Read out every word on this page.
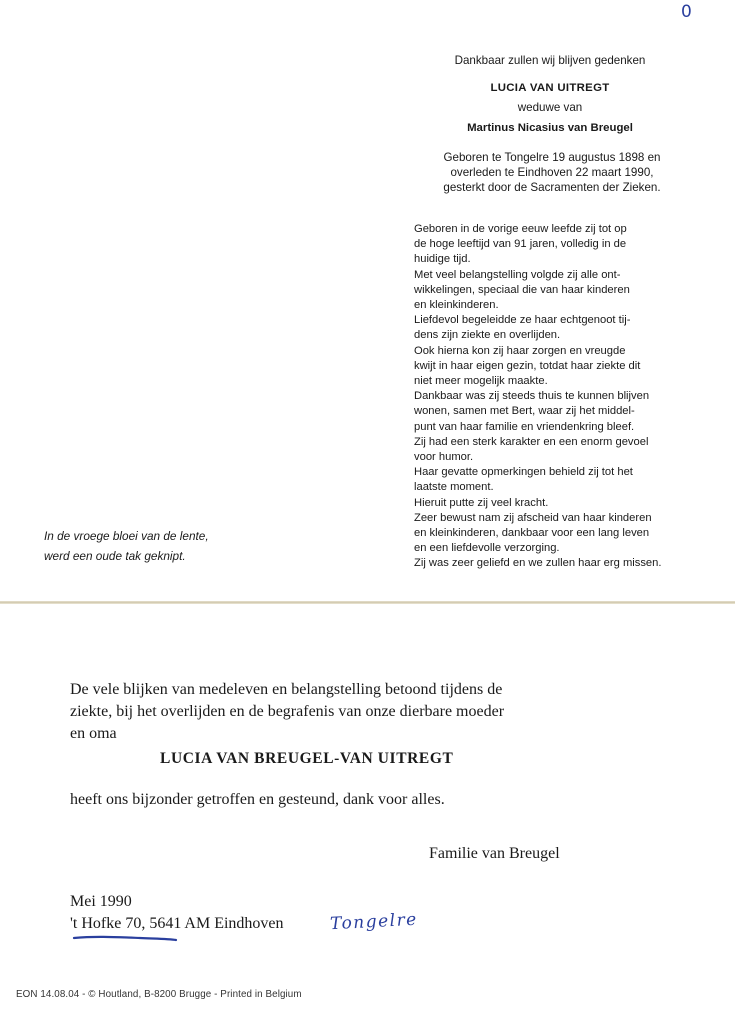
0
Dankbaar zullen wij blijven gedenken
LUCIA VAN UITREGT
weduwe van
Martinus Nicasius van Breugel
Geboren te Tongelre 19 augustus 1898 en
overleden te Eindhoven 22 maart 1990,
gesterkt door de Sacramenten der Zieken.

Geboren in de vorige eeuw leefde zij tot op

de hoge leeftijd van 91 jaren, volledig in de

huidige tijd.

Met veel belangstelling volgde zij alle ont-

wikkelingen, speciaal die van haar kinderen

en kleinkinderen.

Liefdevol begeleidde ze haar echtgenoot tij-

dens zijn ziekte en overlijden.

Ook hierna kon zij haar zorgen en vreugde

kwijt in haar eigen gezin, totdat haar ziekte dit

niet meer mogelijk maakte.

Dankbaar was zij steeds thuis te kunnen blijven

wonen, samen met Bert, waar zij het middel-

punt van haar familie en vriendenkring bleef.

Zij had een sterk karakter en een enorm gevoel

voor humor.

Haar gevatte opmerkingen behield zij tot het

laatste moment.

Hieruit putte zij veel kracht.

Zeer bewust nam zij afscheid van haar kinderen

en kleinkinderen, dankbaar voor een lang leven

en een liefdevolle verzorging.

Zij was zeer geliefd en we zullen haar erg missen.

In de vroege bloei van de lente,
werd een oude tak geknipt.
De vele blijken van medeleven en belangstelling betoond tijdens de
ziekte, bij het overlijden en de begrafenis van onze dierbare moeder
en oma
LUCIA VAN BREUGEL-VAN UITREGT
heeft ons bijzonder getroffen en gesteund, dank voor alles.
Familie van Breugel
Mei 1990
't Hofke 70, 5641 AM Eindhoven	Tongelre
EON 14.08.04 - © Houtland, B-8200 Brugge - Printed in Belgium
